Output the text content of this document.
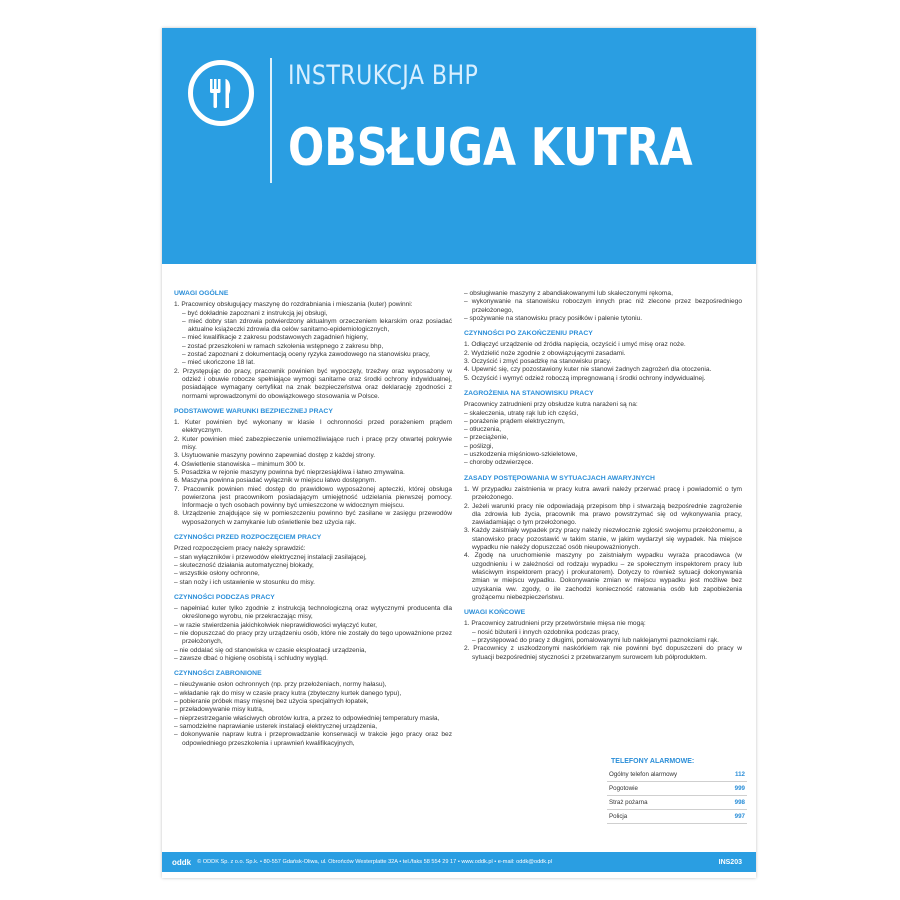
INSTRUKCJA BHP
OBSŁUGA KUTRA
UWAGI OGÓLNE
1. Pracownicy obsługujący maszynę do rozdrabniania i mieszania (kuter) powinni:
– być dokładnie zapoznani z instrukcją jej obsługi,
– mieć dobry stan zdrowia potwierdzony aktualnym orzeczeniem lekarskim oraz posiadać aktualne książeczki zdrowia dla celów sanitarno-epidemiologicznych,
– mieć kwalifikacje z zakresu podstawowych zagadnień higieny,
– zostać przeszkoleni w ramach szkolenia wstępnego z zakresu bhp,
– zostać zapoznani z dokumentacją oceny ryzyka zawodowego na stanowisku pracy,
– mieć ukończone 18 lat.
2. Przystępując do pracy, pracownik powinien być wypoczęty, trzeźwy oraz wyposażony w odzież i obuwie robocze spełniające wymogi sanitarne oraz środki ochrony indywidualnej, posiadające wymagany certyfikat na znak bezpieczeństwa oraz deklarację zgodności z normami wprowadzonymi do obowiązkowego stosowania w Polsce.
PODSTAWOWE WARUNKI BEZPIECZNEJ PRACY
1. Kuter powinien być wykonany w klasie I ochronności przed porażeniem prądem elektrycznym.
2. Kuter powinien mieć zabezpieczenie uniemożliwiające ruch i pracę przy otwartej pokrywie misy.
3. Usytuowanie maszyny powinno zapewniać dostęp z każdej strony.
4. Oświetlenie stanowiska – minimum 300 lx.
5. Posadzka w rejonie maszyny powinna być nieprzesiąkliwa i łatwo zmywalna.
6. Maszyna powinna posiadać wyłącznik w miejscu łatwo dostępnym.
7. Pracownik powinien mieć dostęp do prawidłowo wyposażonej apteczki, której obsługa powierzona jest pracownikom posiadającym umiejętność udzielania pierwszej pomocy. Informacje o tych osobach powinny być umieszczone w widocznym miejscu.
8. Urządzenie znajdujące się w pomieszczeniu powinno być zasilane w zasięgu przewodów wyposażonych w zamykanie lub oświetlenie bez użycia rąk.
CZYNNOŚCI PRZED ROZPOCZĘCIEM PRACY
Przed rozpoczęciem pracy należy sprawdzić:
– stan wyłączników i przewodów elektrycznej instalacji zasilającej,
– skuteczność działania automatycznej blokady,
– wszystkie osłony ochronne,
– stan noży i ich ustawienie w stosunku do misy.
CZYNNOŚCI PODCZAS PRACY
– napełniać kuter tylko zgodnie z instrukcją technologiczną oraz wytycznymi producenta dla określonego wyrobu, nie przekraczając misy,
– w razie stwierdzenia jakichkolwiek nieprawidłowości wyłączyć kuter,
– nie dopuszczać do pracy przy urządzeniu osób, które nie zostały do tego upoważnione przez przełożonych,
– nie oddalać się od stanowiska w czasie eksploatacji urządzenia,
– zawsze dbać o higienę osobistą i schludny wygląd.
CZYNNOŚCI ZABRONIONE
– nieużywanie osłon ochronnych (np. przy przełożeniach, normy hałasu),
– wkładanie rąk do misy w czasie pracy kutra (zbyteczny kurtek danego typu),
– pobieranie próbek masy mięsnej bez użycia specjalnych łopatek,
– przeładowywanie misy kutra,
– nieprzestrzeganie właściwych obrotów kutra, a przez to odpowiedniej temperatury masła,
– samodzielne naprawianie usterek instalacji elektrycznej urządzenia,
– dokonywanie napraw kutra i przeprowadzanie konserwacji w trakcie jego pracy oraz bez odpowiedniego przeszkolenia i uprawnień kwalifikacyjnych,
– obsługiwanie maszyny z abandiakowanymi lub skaleczonymi rękoma,
– wykonywanie na stanowisku roboczym innych prac niż zlecone przez bezpośredniego przełożonego,
– spożywanie na stanowisku pracy posiłków i palenie tytoniu.
CZYNNOŚCI PO ZAKOŃCZENIU PRACY
1. Odłączyć urządzenie od źródła napięcia, oczyścić i umyć misę oraz noże.
2. Wydzielić noże zgodnie z obowiązującymi zasadami.
3. Oczyścić i zmyć posadzkę na stanowisku pracy.
4. Upewnić się, czy pozostawiony kuter nie stanowi żadnych zagrożeń dla otoczenia.
5. Oczyścić i wymyć odzież roboczą impregnowaną i środki ochrony indywidualnej.
ZAGROŻENIA NA STANOWISKU PRACY
Pracownicy zatrudnieni przy obsłudze kutra narażeni są na:
– skaleczenia, utratę rąk lub ich części,
– porażenie prądem elektrycznym,
– otłuczenia,
– przeciążenie,
– poślizgi,
– uszkodzenia mięśniowo-szkieletowe,
– choroby odzwierzęce.
ZASADY POSTĘPOWANIA W SYTUACJACH AWARYJNYCH
1. W przypadku zaistnienia w pracy kutra awarii należy przerwać pracę i powiadomić o tym przełożonego.
2. Jeżeli warunki pracy nie odpowiadają przepisom bhp i stwarzają bezpośrednie zagrożenie dla zdrowia lub życia, pracownik ma prawo powstrzymać się od wykonywania pracy, zawiadamiając o tym przełożonego.
3. Każdy zaistniały wypadek przy pracy należy niezwłocznie zgłosić swojemu przełożonemu, a stanowisko pracy pozostawić w takim stanie, w jakim wydarzył się wypadek. Na miejsce wypadku nie należy dopuszczać osób nieupoważnionych.
4. Zgodę na uruchomienie maszyny po zaistniałym wypadku wyraża pracodawca (w uzgodnieniu i w zależności od rodzaju wypadku – ze społecznym inspektorem pracy lub właściwym inspektorem pracy) i prokuratorem). Dotyczy to również sytuacji dokonywania zmian w miejscu wypadku. Dokonywanie zmian w miejscu wypadku jest możliwe bez uzyskania ww. zgody, o ile zachodzi konieczność ratowania osób lub zapobieżenia grożącemu niebezpieczeństwu.
UWAGI KOŃCOWE
1. Pracownicy zatrudnieni przy przetwórstwie mięsa nie mogą:
– nosić biżuterii i innych ozdobnika podczas pracy,
– przystępować do pracy z długimi, pomalowanymi lub naklejanymi paznokciami rąk.
2. Pracownicy z uszkodzonymi naskórkiem rąk nie powinni być dopuszczeni do pracy w sytuacji bezpośredniej styczności z przetwarzanym surowcem lub półproduktem.
TELEFONY ALARMOWE:
Ogólny telefon alarmowy	112
Pogotowie	999
Straż pożarna	998
Policja	997
oddk © ODDK Sp. z o.o. Sp.k. • 80-557 Gdańsk-Oliwa, ul. Obrońców Westerplatte 32A • tel./faks 58 554 29 17 • www.oddk.pl • e-mail: oddk@oddk.pl	INS203
